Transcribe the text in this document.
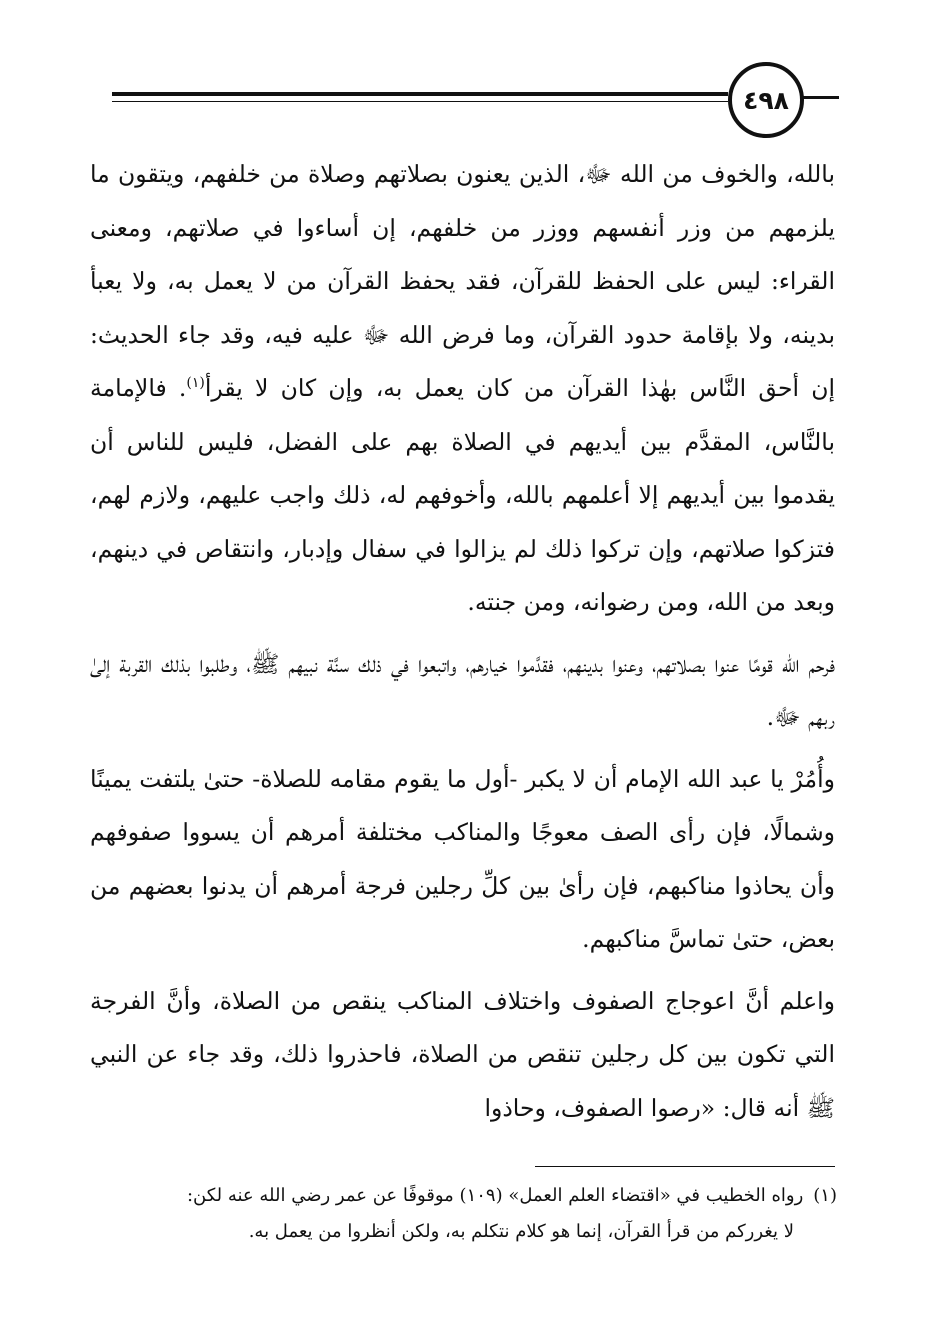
٤٩٨

بالله، والخوف من الله ﷻ، الذين يعنون بصلاتهم وصلاة من خلفهم، ويتقون ما يلزمهم من وزر أنفسهم ووزر من خلفهم، إن أساءوا في صلاتهم، ومعنى القراء: ليس على الحفظ للقرآن، فقد يحفظ القرآن من لا يعمل به، ولا يعبأ بدينه، ولا بإقامة حدود القرآن، وما فرض الله ﷻ عليه فيه، وقد جاء الحديث: إن أحق النَّاس بهٰذا القرآن من كان يعمل به، وإن كان لا يقرأ$^{(١)}$. فالإمامة بالنَّاس، المقدَّم بين أيديهم في الصلاة بهم على الفضل، فليس للناس أن يقدموا بين أيديهم إلا أعلمهم بالله، وأخوفهم له، ذلك واجب عليهم، ولازم لهم، فتزكوا صلاتهم، وإن تركوا ذلك لم يزالوا في سفال وإدبار، وانتقاص في دينهم، وبعد من الله، ومن رضوانه، ومن جنته.

فرحم الله قومًا عنوا بصلاتهم، وعنوا بدينهم، فقدَّموا خيارهم، واتبعوا في ذلك سنَّة نبيهم ﷺ، وطلبوا بذلك القربة إلىٰ ربهم ﷻ.

وأُمُرْ يا عبد الله الإمام أن لا يكبر -أول ما يقوم مقامه للصلاة- حتىٰ يلتفت يمينًا وشمالًا، فإن رأى الصف معوجًا والمناكب مختلفة أمرهم أن يسووا صفوفهم وأن يحاذوا مناكبهم، فإن رأىٰ بين كلِّ رجلين فرجة أمرهم أن يدنوا بعضهم من بعض، حتىٰ تماسَّ مناكبهم.

واعلم أنَّ اعوجاج الصفوف واختلاف المناكب ينقص من الصلاة، وأنَّ الفرجة التي تكون بين كل رجلين تنقص من الصلاة، فاحذروا ذلك، وقد جاء عن النبي ﷺ أنه قال: «رصوا الصفوف، وحاذوا

(١)رواه الخطيب في «اقتضاء العلم العمل» (١٠٩) موقوفًا عن عمر رضي الله عنه لكن:
لا يغرركم من قرأ القرآن، إنما هو كلام نتكلم به، ولكن أنظروا من يعمل به.
